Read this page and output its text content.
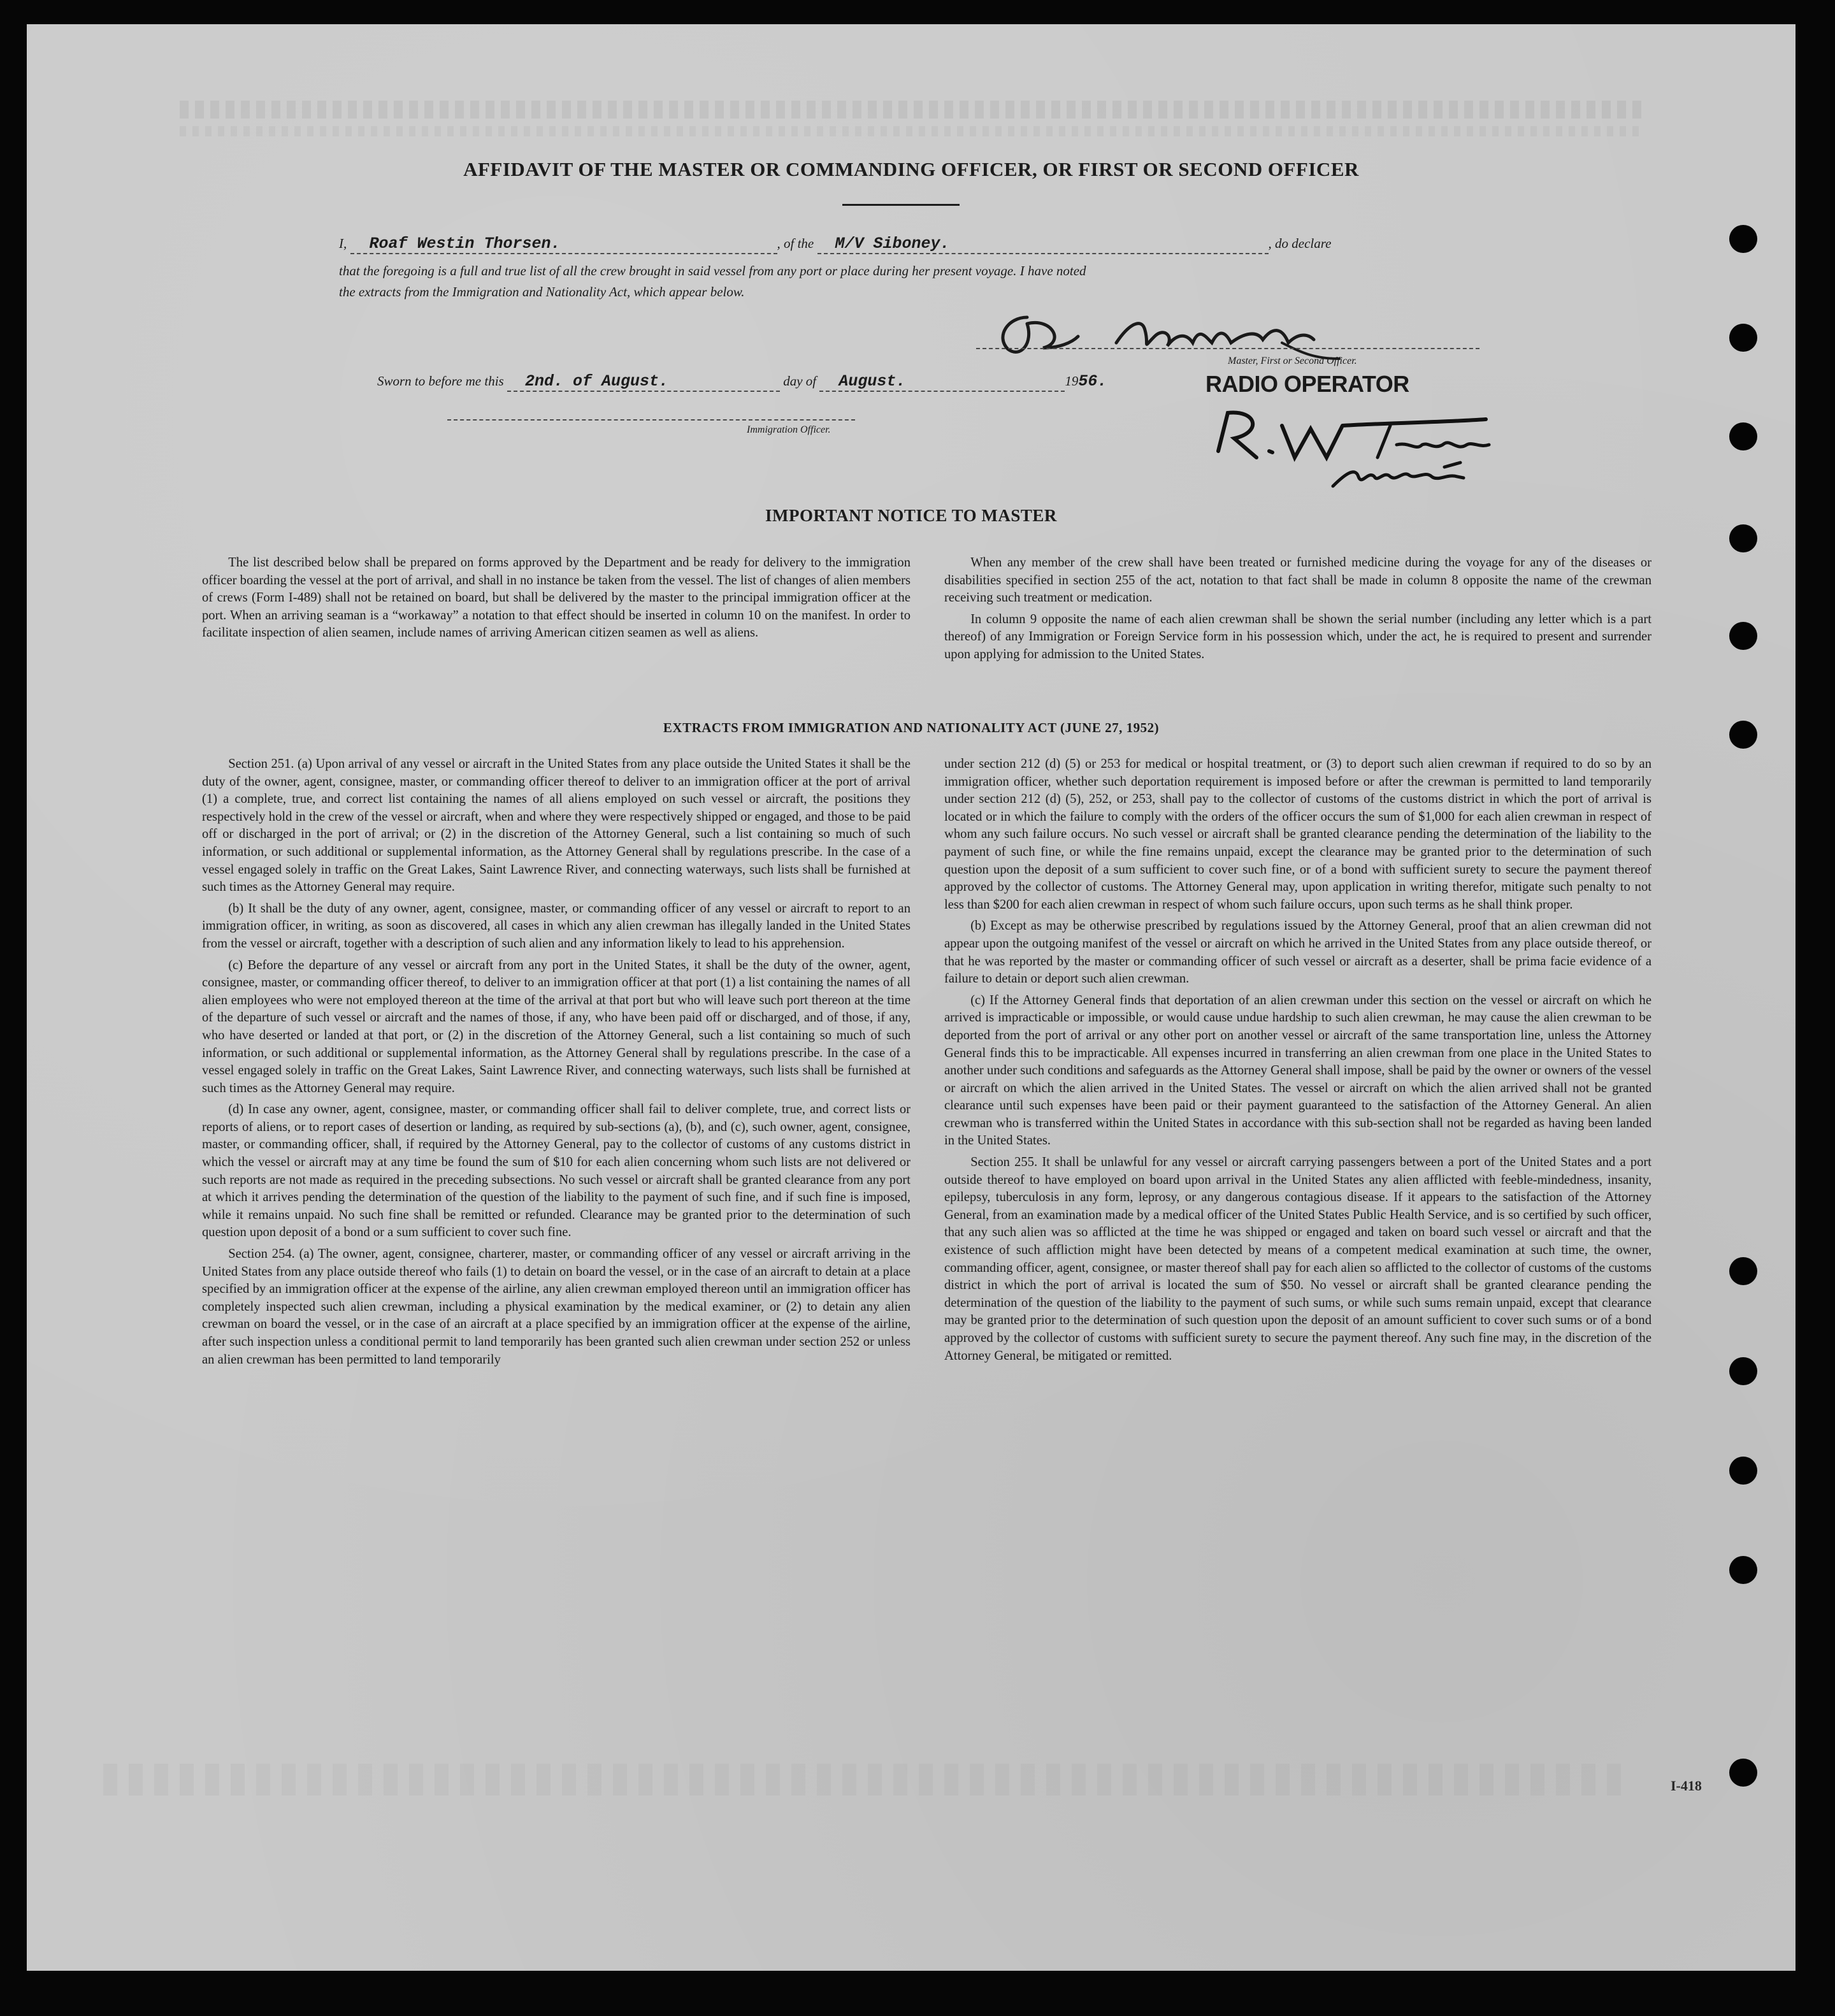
AFFIDAVIT OF THE MASTER OR COMMANDING OFFICER, OR FIRST OR SECOND OFFICER
I, Roaf Westin Thorsen.	, of the M/V Siboney.	, do declare
that the foregoing is a full and true list of all the crew brought in said vessel from any port or place during her present voyage. I have noted
the extracts from the Immigration and Nationality Act, which appear below.
Master, First or Second Officer.
Sworn to before me this 2nd. of August.	day of August.	1956.	RADIO OPERATOR
Immigration Officer.
IMPORTANT NOTICE TO MASTER

The list described below shall be prepared on forms approved by the Department and be ready for delivery to the immigration officer boarding the vessel at the port of arrival, and shall in no instance be taken from the vessel. The list of changes of alien members of crews (Form I-489) shall not be retained on board, but shall be delivered by the master to the principal immigration officer at the port. When an arriving seaman is a “workaway” a notation to that effect should be inserted in column 10 on the manifest. In order to facilitate inspection of alien seamen, include names of arriving American citizen seamen as well as aliens.

When any member of the crew shall have been treated or furnished medicine during the voyage for any of the diseases or disabilities specified in section 255 of the act, notation to that fact shall be made in column 8 opposite the name of the crewman receiving such treatment or medication.

In column 9 opposite the name of each alien crewman shall be shown the serial number (including any letter which is a part thereof) of any Immigration or Foreign Service form in his possession which, under the act, he is required to present and surrender upon applying for admission to the United States.

EXTRACTS FROM IMMIGRATION AND NATIONALITY ACT (JUNE 27, 1952)

Section 251. (a) Upon arrival of any vessel or aircraft in the United States from any place outside the United States it shall be the duty of the owner, agent, consignee, master, or commanding officer thereof to deliver to an immigration officer at the port of arrival (1) a complete, true, and correct list containing the names of all aliens employed on such vessel or aircraft, the positions they respectively hold in the crew of the vessel or aircraft, when and where they were respectively shipped or engaged, and those to be paid off or discharged in the port of arrival; or (2) in the discretion of the Attorney General, such a list containing so much of such information, or such additional or supplemental information, as the Attorney General shall by regulations prescribe. In the case of a vessel engaged solely in traffic on the Great Lakes, Saint Lawrence River, and connecting waterways, such lists shall be furnished at such times as the Attorney General may require.

(b) It shall be the duty of any owner, agent, consignee, master, or commanding officer of any vessel or aircraft to report to an immigration officer, in writing, as soon as discovered, all cases in which any alien crewman has illegally landed in the United States from the vessel or aircraft, together with a description of such alien and any information likely to lead to his apprehension.

(c) Before the departure of any vessel or aircraft from any port in the United States, it shall be the duty of the owner, agent, consignee, master, or commanding officer thereof, to deliver to an immigration officer at that port (1) a list containing the names of all alien employees who were not employed thereon at the time of the arrival at that port but who will leave such port thereon at the time of the departure of such vessel or aircraft and the names of those, if any, who have been paid off or discharged, and of those, if any, who have deserted or landed at that port, or (2) in the discretion of the Attorney General, such a list containing so much of such information, or such additional or supplemental information, as the Attorney General shall by regulations prescribe. In the case of a vessel engaged solely in traffic on the Great Lakes, Saint Lawrence River, and connecting waterways, such lists shall be furnished at such times as the Attorney General may require.

(d) In case any owner, agent, consignee, master, or commanding officer shall fail to deliver complete, true, and correct lists or reports of aliens, or to report cases of desertion or landing, as required by sub-sections (a), (b), and (c), such owner, agent, consignee, master, or commanding officer, shall, if required by the Attorney General, pay to the collector of customs of any customs district in which the vessel or aircraft may at any time be found the sum of $10 for each alien concerning whom such lists are not delivered or such reports are not made as required in the preceding subsections. No such vessel or aircraft shall be granted clearance from any port at which it arrives pending the determination of the question of the liability to the payment of such fine, and if such fine is imposed, while it remains unpaid. No such fine shall be remitted or refunded. Clearance may be granted prior to the determination of such question upon deposit of a bond or a sum sufficient to cover such fine.

Section 254. (a) The owner, agent, consignee, charterer, master, or commanding officer of any vessel or aircraft arriving in the United States from any place outside thereof who fails (1) to detain on board the vessel, or in the case of an aircraft to detain at a place specified by an immigration officer at the expense of the airline, any alien crewman employed thereon until an immigration officer has completely inspected such alien crewman, including a physical examination by the medical examiner, or (2) to detain any alien crewman on board the vessel, or in the case of an aircraft at a place specified by an immigration officer at the expense of the airline, after such inspection unless a conditional permit to land temporarily has been granted such alien crewman under section 252 or unless an alien crewman has been permitted to land temporarily

under section 212 (d) (5) or 253 for medical or hospital treatment, or (3) to deport such alien crewman if required to do so by an immigration officer, whether such deportation requirement is imposed before or after the crewman is permitted to land temporarily under section 212 (d) (5), 252, or 253, shall pay to the collector of customs of the customs district in which the port of arrival is located or in which the failure to comply with the orders of the officer occurs the sum of $1,000 for each alien crewman in respect of whom any such failure occurs. No such vessel or aircraft shall be granted clearance pending the determination of the liability to the payment of such fine, or while the fine remains unpaid, except the clearance may be granted prior to the determination of such question upon the deposit of a sum sufficient to cover such fine, or of a bond with sufficient surety to secure the payment thereof approved by the collector of customs. The Attorney General may, upon application in writing therefor, mitigate such penalty to not less than $200 for each alien crewman in respect of whom such failure occurs, upon such terms as he shall think proper.

(b) Except as may be otherwise prescribed by regulations issued by the Attorney General, proof that an alien crewman did not appear upon the outgoing manifest of the vessel or aircraft on which he arrived in the United States from any place outside thereof, or that he was reported by the master or commanding officer of such vessel or aircraft as a deserter, shall be prima facie evidence of a failure to detain or deport such alien crewman.

(c) If the Attorney General finds that deportation of an alien crewman under this section on the vessel or aircraft on which he arrived is impracticable or impossible, or would cause undue hardship to such alien crewman, he may cause the alien crewman to be deported from the port of arrival or any other port on another vessel or aircraft of the same transportation line, unless the Attorney General finds this to be impracticable. All expenses incurred in transferring an alien crewman from one place in the United States to another under such conditions and safeguards as the Attorney General shall impose, shall be paid by the owner or owners of the vessel or aircraft on which the alien arrived in the United States. The vessel or aircraft on which the alien arrived shall not be granted clearance until such expenses have been paid or their payment guaranteed to the satisfaction of the Attorney General. An alien crewman who is transferred within the United States in accordance with this sub-section shall not be regarded as having been landed in the United States.

Section 255. It shall be unlawful for any vessel or aircraft carrying passengers between a port of the United States and a port outside thereof to have employed on board upon arrival in the United States any alien afflicted with feeble-mindedness, insanity, epilepsy, tuberculosis in any form, leprosy, or any dangerous contagious disease. If it appears to the satisfaction of the Attorney General, from an examination made by a medical officer of the United States Public Health Service, and is so certified by such officer, that any such alien was so afflicted at the time he was shipped or engaged and taken on board such vessel or aircraft and that the existence of such affliction might have been detected by means of a competent medical examination at such time, the owner, commanding officer, agent, consignee, or master thereof shall pay for each alien so afflicted to the collector of customs of the customs district in which the port of arrival is located the sum of $50. No vessel or aircraft shall be granted clearance pending the determination of the question of the liability to the payment of such sums, or while such sums remain unpaid, except that clearance may be granted prior to the determination of such question upon the deposit of an amount sufficient to cover such sums or of a bond approved by the collector of customs with sufficient surety to secure the payment thereof. Any such fine may, in the discretion of the Attorney General, be mitigated or remitted.

I-418
